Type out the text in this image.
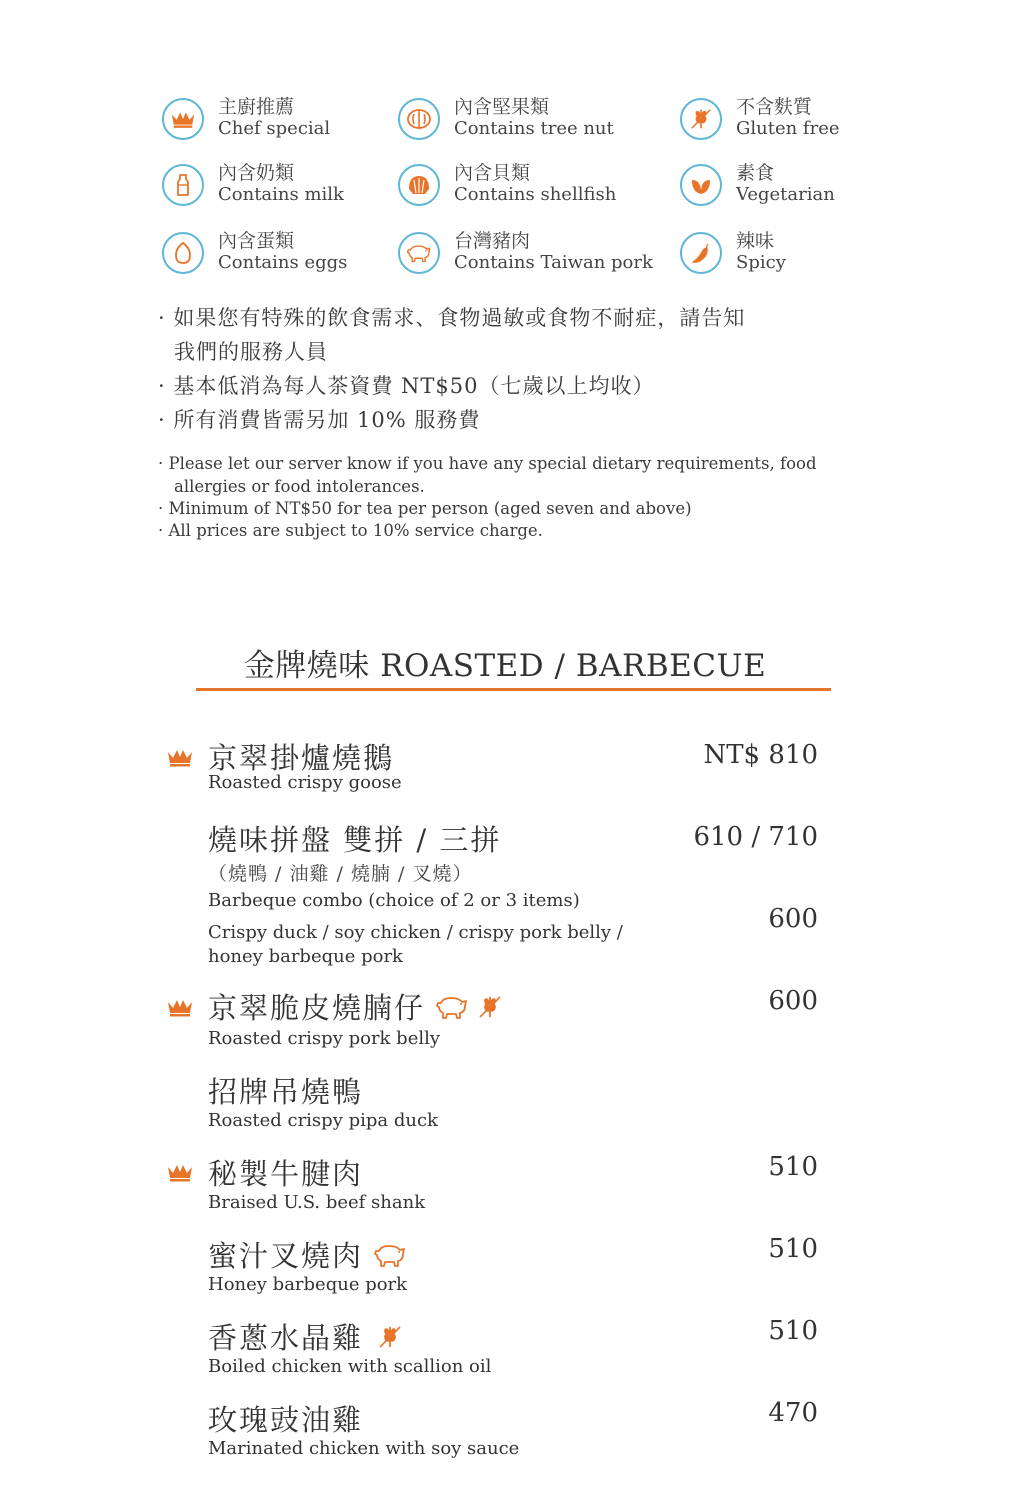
主廚推薦
Chef special
內含堅果類
Contains tree nut
不含麩質
Gluten free
內含奶類
Contains milk
內含貝類
Contains shellfish
素食
Vegetarian
內含蛋類
Contains eggs
台灣豬肉
Contains Taiwan pork
辣味
Spicy
· 如果您有特殊的飲食需求、食物過敏或食物不耐症，請告知
我們的服務人員
· 基本低消為每人茶資費 NT$50（七歲以上均收）
· 所有消費皆需另加 10% 服務費
· Please let our server know if you have any special dietary requirements, food
allergies or food intolerances.
· Minimum of NT$50 for tea per person (aged seven and above)
· All prices are subject to 10% service charge.
金牌燒味 ROASTED / BARBECUE
京翠掛爐燒鵝
Roasted crispy goose
NT$ 810
燒味拼盤 雙拼 / 三拼	610 / 710
（燒鴨 / 油雞 / 燒腩 / 叉燒）
Barbeque combo (choice of 2 or 3 items)
Crispy duck / soy chicken / crispy pork belly /
honey barbeque pork
600
京翠脆皮燒腩仔
Roasted crispy pork belly
600
招牌吊燒鴨
Roasted crispy pipa duck
秘製牛腱肉
Braised U.S. beef shank
510
蜜汁叉燒肉
Honey barbeque pork
510
香蔥水晶雞
Boiled chicken with scallion oil
510
玫瑰豉油雞
Marinated chicken with soy sauce
470
